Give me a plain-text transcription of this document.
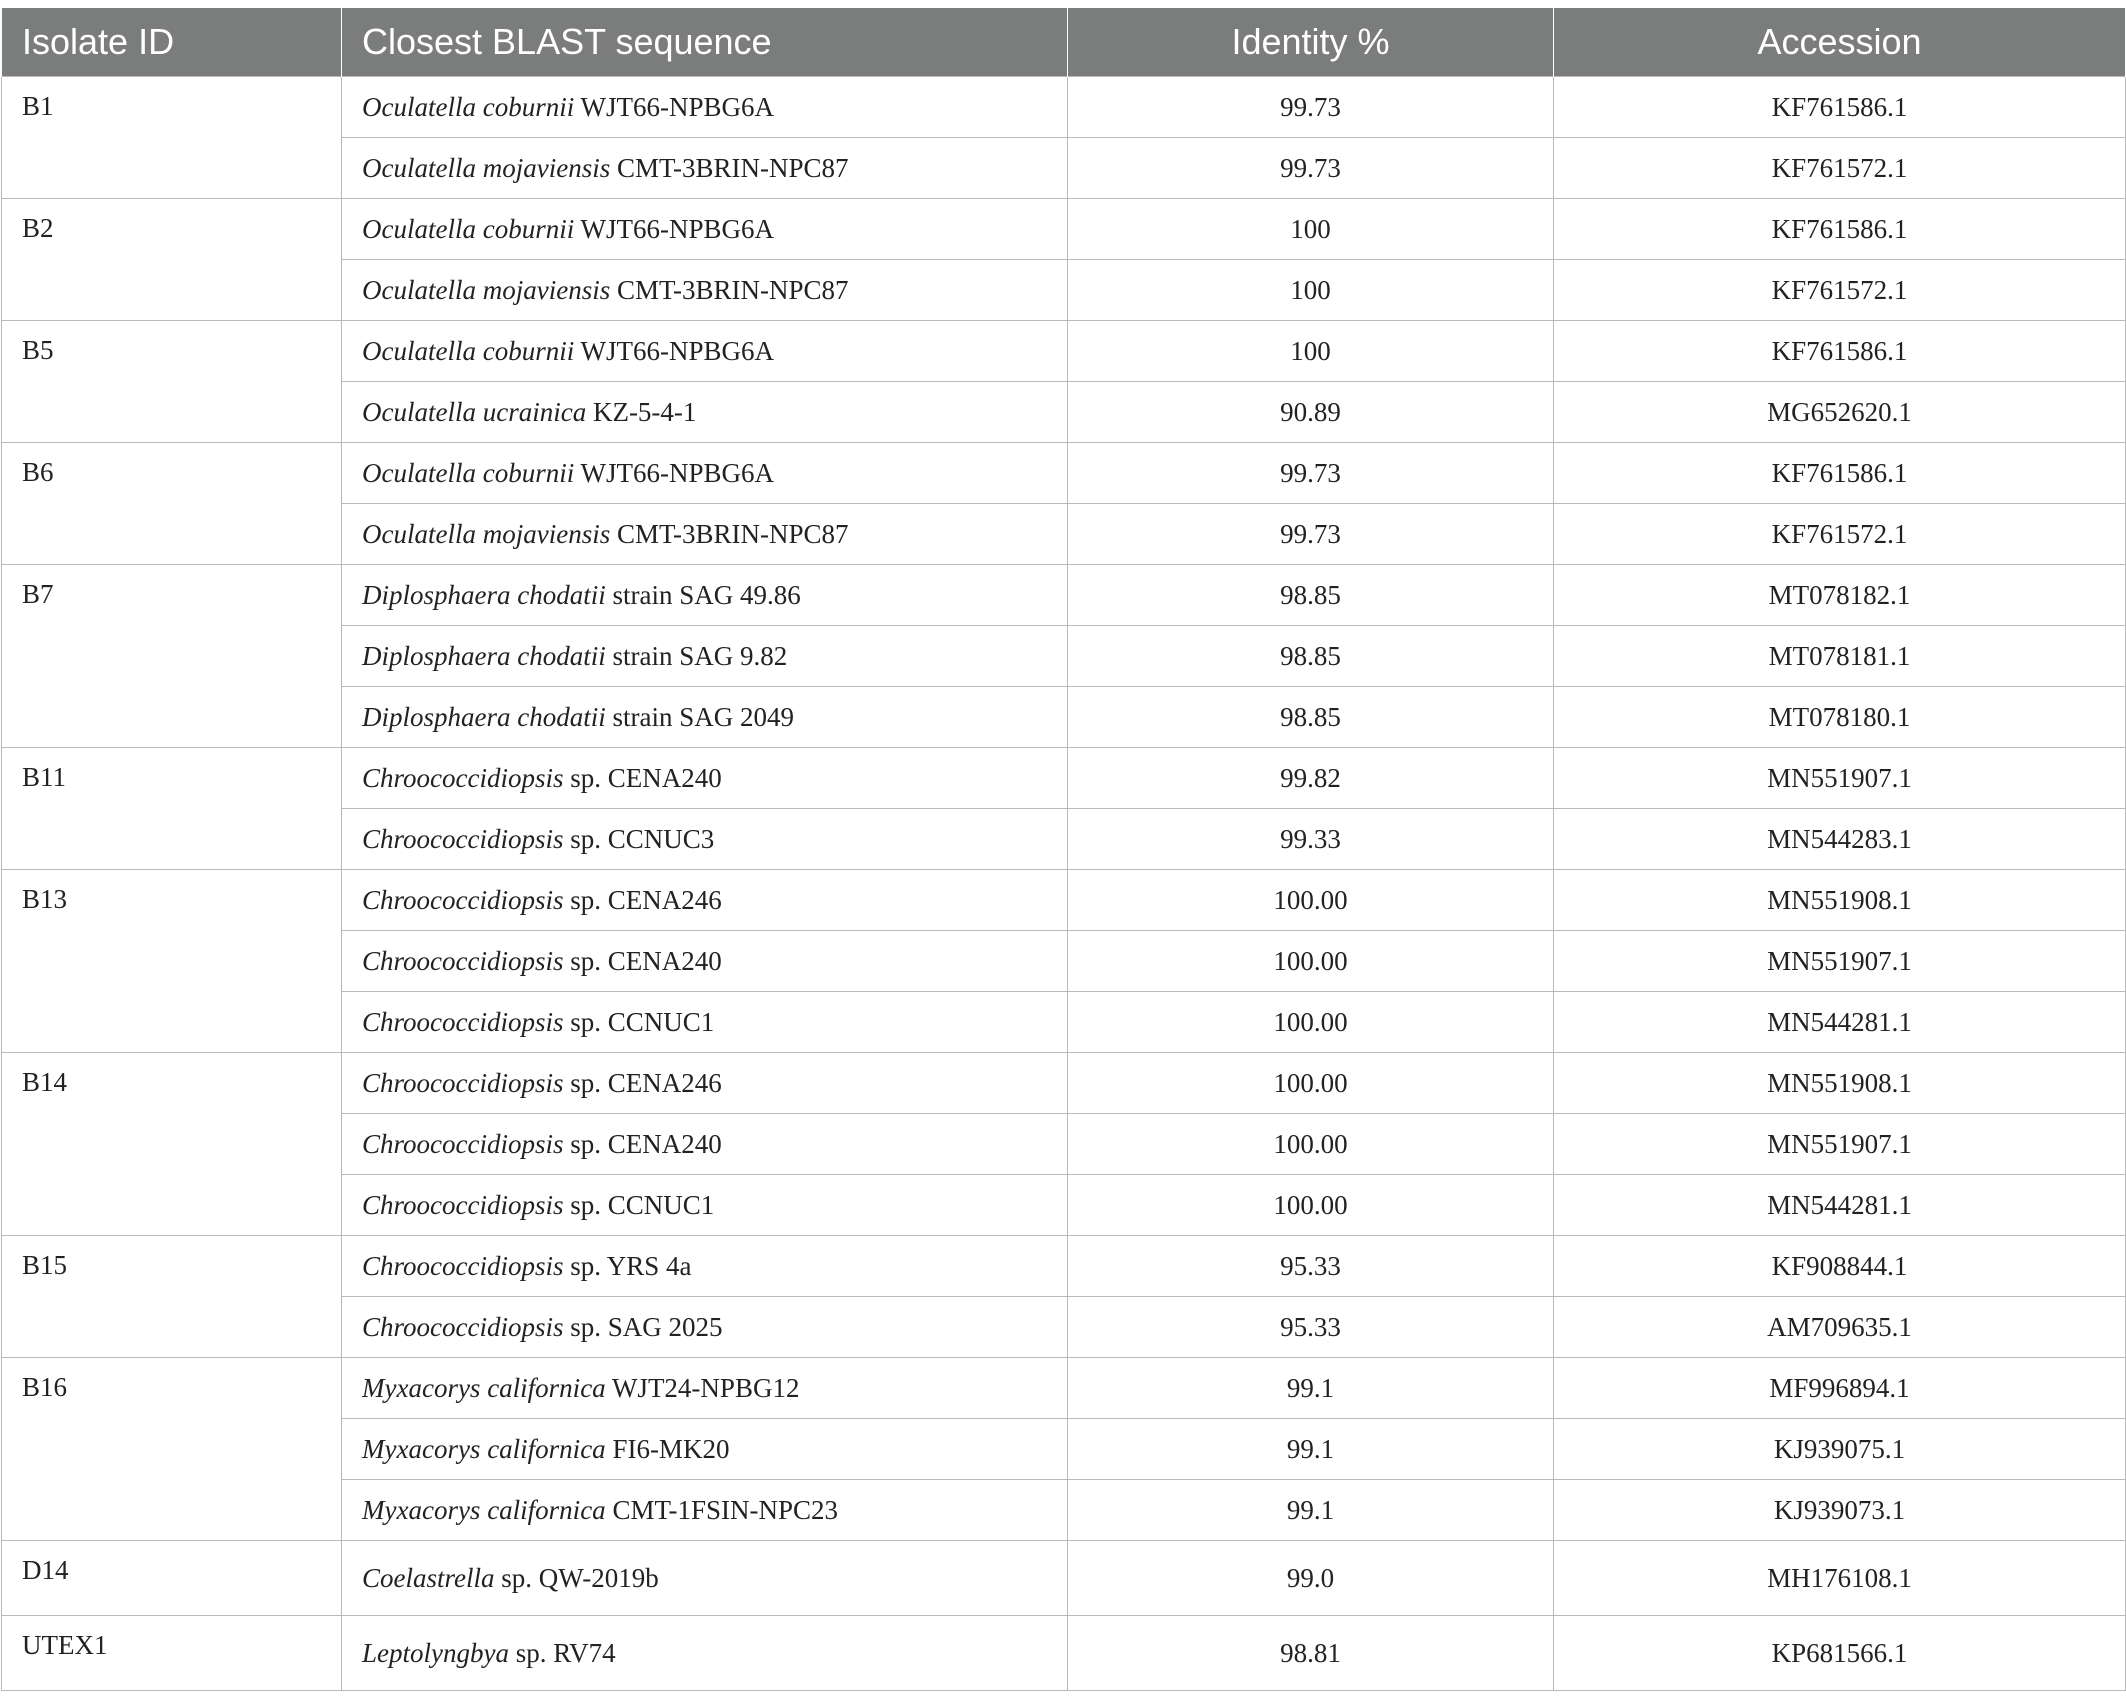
Isolate ID	Closest BLAST sequence	Identity %	Accession
B1	Oculatella coburnii WJT66-NPBG6A	99.73	KF761586.1
	Oculatella mojaviensis CMT-3BRIN-NPC87	99.73	KF761572.1
B2	Oculatella coburnii WJT66-NPBG6A	100	KF761586.1
	Oculatella mojaviensis CMT-3BRIN-NPC87	100	KF761572.1
B5	Oculatella coburnii WJT66-NPBG6A	100	KF761586.1
	Oculatella ucrainica KZ-5-4-1	90.89	MG652620.1
B6	Oculatella coburnii WJT66-NPBG6A	99.73	KF761586.1
	Oculatella mojaviensis CMT-3BRIN-NPC87	99.73	KF761572.1
B7	Diplosphaera chodatii strain SAG 49.86	98.85	MT078182.1
	Diplosphaera chodatii strain SAG 9.82	98.85	MT078181.1
	Diplosphaera chodatii strain SAG 2049	98.85	MT078180.1
B11	Chroococcidiopsis sp. CENA240	99.82	MN551907.1
	Chroococcidiopsis sp. CCNUC3	99.33	MN544283.1
B13	Chroococcidiopsis sp. CENA246	100.00	MN551908.1
	Chroococcidiopsis sp. CENA240	100.00	MN551907.1
	Chroococcidiopsis sp. CCNUC1	100.00	MN544281.1
B14	Chroococcidiopsis sp. CENA246	100.00	MN551908.1
	Chroococcidiopsis sp. CENA240	100.00	MN551907.1
	Chroococcidiopsis sp. CCNUC1	100.00	MN544281.1
B15	Chroococcidiopsis sp. YRS 4a	95.33	KF908844.1
	Chroococcidiopsis sp. SAG 2025	95.33	AM709635.1
B16	Myxacorys californica WJT24-NPBG12	99.1	MF996894.1
	Myxacorys californica FI6-MK20	99.1	KJ939075.1
	Myxacorys californica CMT-1FSIN-NPC23	99.1	KJ939073.1
D14	Coelastrella sp. QW-2019b	99.0	MH176108.1
UTEX1	Leptolyngbya sp. RV74	98.81	KP681566.1
